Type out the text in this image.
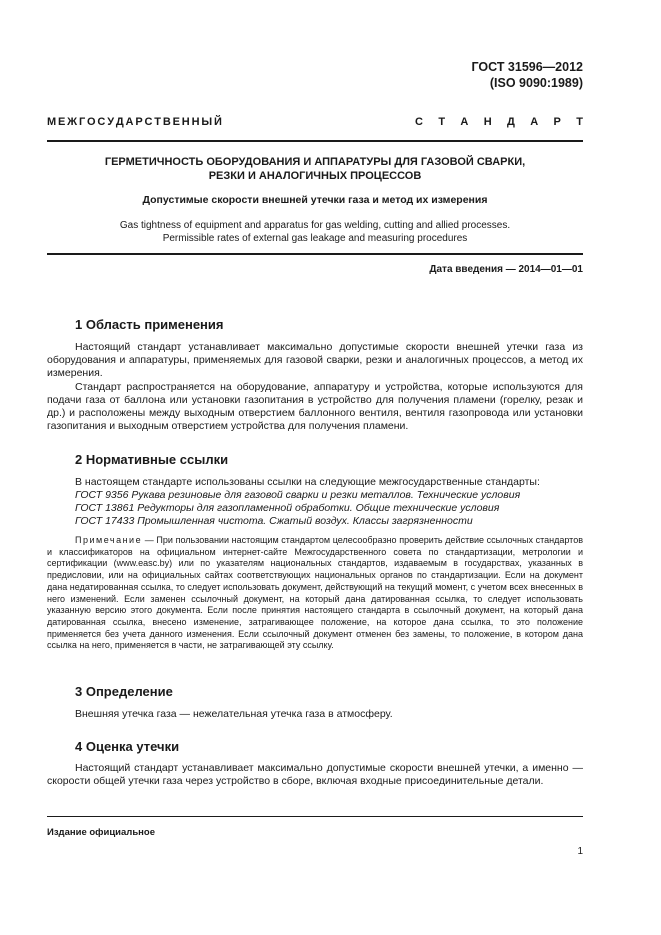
ГОСТ 31596—2012
(ISO 9090:1989)
М Е Ж Г О С У Д А Р С Т В Е Н Н Ы Й	С Т А Н Д А Р Т
ГЕРМЕТИЧНОСТЬ ОБОРУДОВАНИЯ И АППАРАТУРЫ ДЛЯ ГАЗОВОЙ СВАРКИ,
РЕЗКИ И АНАЛОГИЧНЫХ ПРОЦЕССОВ
Допустимые скорости внешней утечки газа и метод их измерения
Gas tightness of equipment and apparatus for gas welding, cutting and allied processes.
Permissible rates of external gas leakage and measuring procedures
Дата введения — 2014—01—01
1 Область применения

Настоящий стандарт устанавливает максимально допустимые скорости внешней утечки газа из оборудования и аппаратуры, применяемых для газовой сварки, резки и аналогичных процессов, а метод их измерения.

Стандарт распространяется на оборудование, аппаратуру и устройства, которые используются для подачи газа от баллона или установки газопитания в устройство для получения пламени (горелку, резак и др.) и расположены между выходным отверстием баллонного вентиля, вентиля газопровода или установки газопитания и выходным отверстием устройства для получения пламени.

2 Нормативные ссылки
В настоящем стандарте использованы ссылки на следующие межгосударственные стандарты:
ГОСТ 9356 Рукава резиновые для газовой сварки и резки металлов. Технические условия
ГОСТ 13861 Редукторы для газопламенной обработки. Общие технические условия
ГОСТ 17433 Промышленная чистота. Сжатый воздух. Классы загрязненности

Примечание — При пользовании настоящим стандартом целесообразно проверить действие ссылочных стандартов и классификаторов на официальном интернет-сайте Межгосударственного совета по стандартизации, метрологии и сертификации (www.easc.by) или по указателям национальных стандартов, издаваемым в государствах, указанных в предисловии, или на официальных сайтах соответствующих национальных органов по стандартизации. Если на документ дана недатированная ссылка, то следует использовать документ, действующий на текущий момент, с учетом всех внесенных в него изменений. Если заменен ссылочный документ, на который дана датированная ссылка, то следует использовать указанную версию этого документа. Если после принятия настоящего стандарта в ссылочный документ, на который дана датированная ссылка, внесено изменение, затрагивающее положение, на которое дана ссылка, то это положение применяется без учета данного изменения. Если ссылочный документ отменен без замены, то положение, в котором дана ссылка на него, применяется в части, не затрагивающей эту ссылку.

3 Определение
Внешняя утечка газа — нежелательная утечка газа в атмосферу.
4 Оценка утечки

Настоящий стандарт устанавливает максимально допустимые скорости внешней утечки, а именно — скорости общей утечки газа через устройство в сборе, включая входные присоединительные детали.

Издание официальное
1
